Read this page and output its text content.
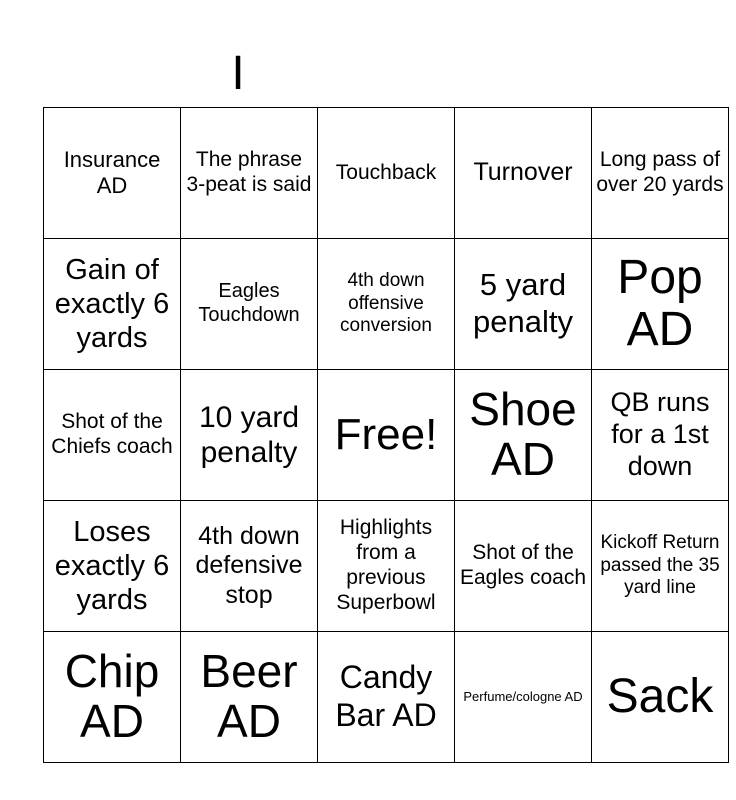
I
Insurance AD	The phrase 3-peat is said	Touchback	Turnover	Long pass of over 20 yards
Gain of exactly 6 yards	Eagles Touchdown	4th down offensive conversion	5 yard penalty	Pop AD
Shot of the Chiefs coach	10 yard penalty	Free!	Shoe AD	QB runs for a 1st down
Loses exactly 6 yards	4th down defensive stop	Highlights from a previous Superbowl	Shot of the Eagles coach	Kickoff Return passed the 35 yard line
Chip AD	Beer AD	Candy Bar AD	Perfume/cologne AD	Sack
